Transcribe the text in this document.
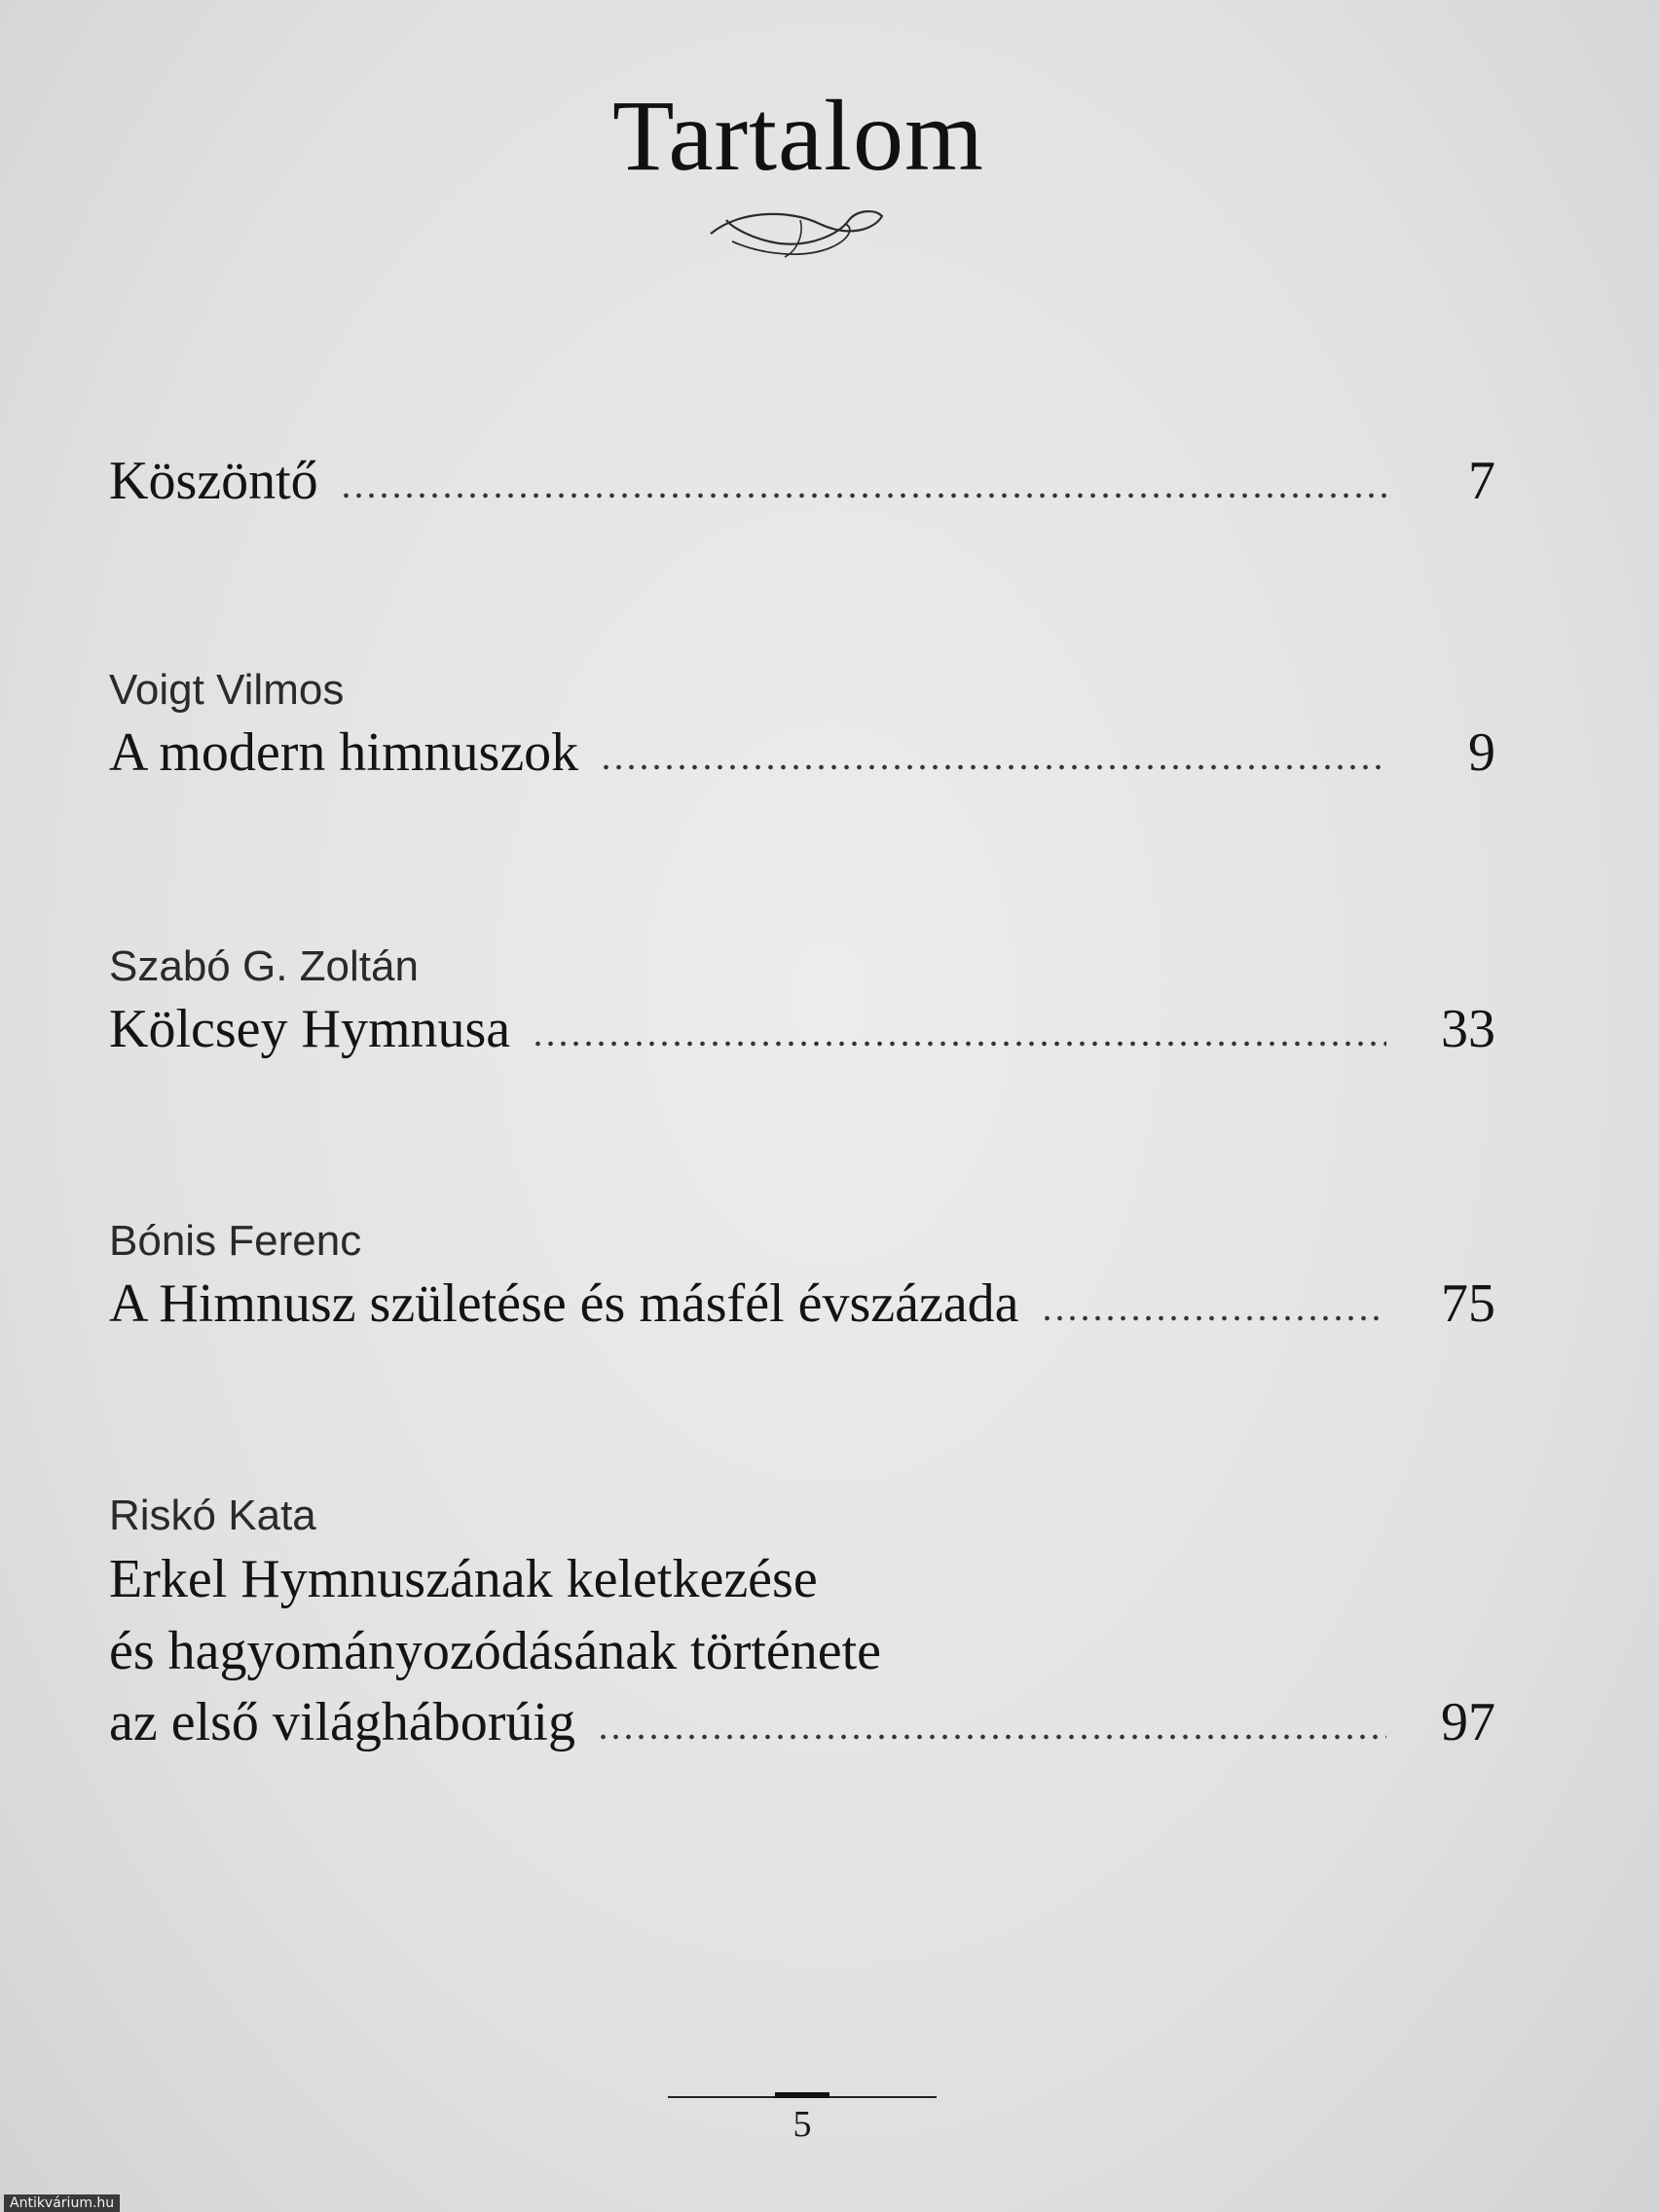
Tartalom
Köszöntő	7
Voigt Vilmos
A modern himnuszok	9
Szabó G. Zoltán
Kölcsey Hymnusa	33
Bónis Ferenc
A Himnusz születése és másfél évszázada	75
Riskó Kata
Erkel Hymnuszának keletkezése
és hagyományozódásának története
az első világháborúig	97
5
Antikvárium.hu
